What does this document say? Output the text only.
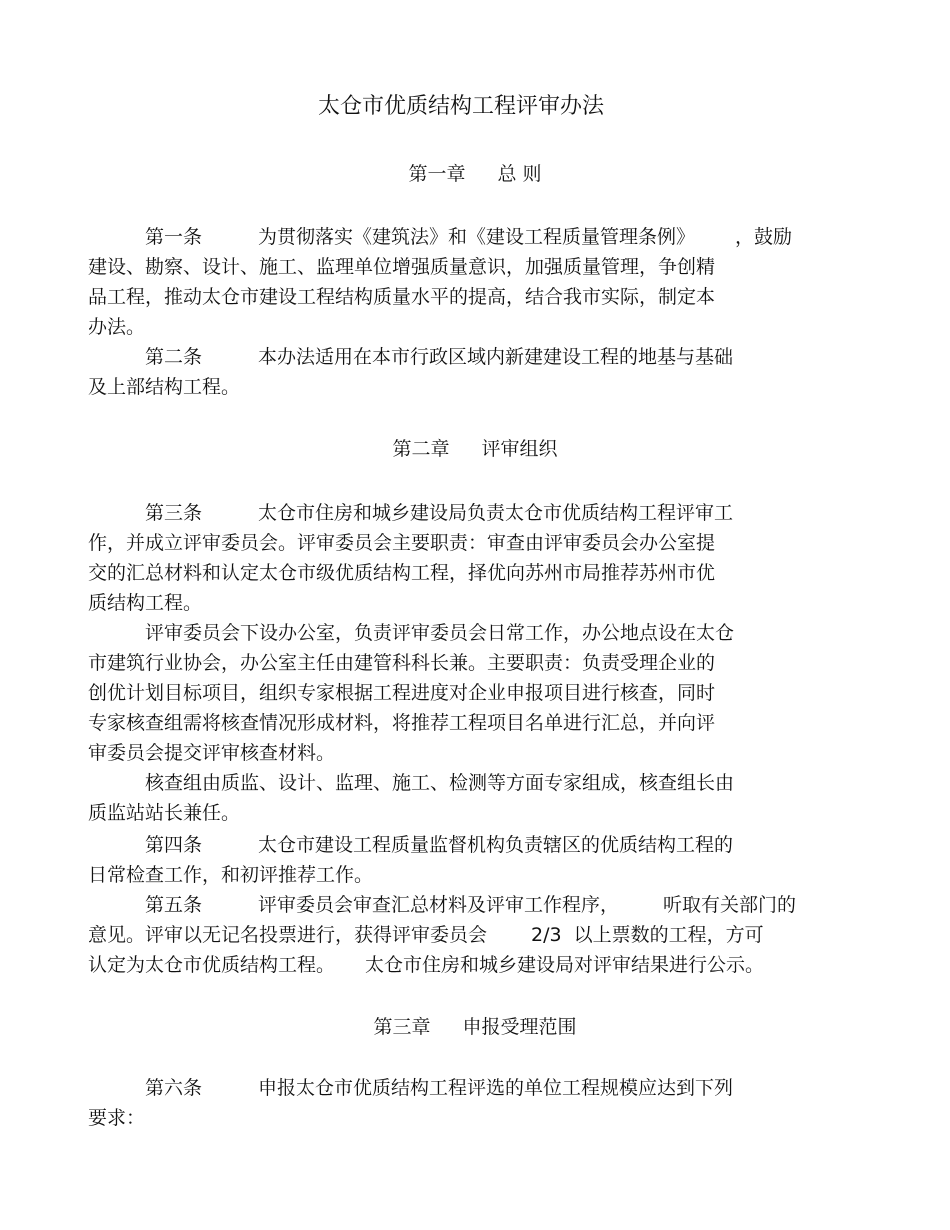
太仓市优质结构工程评审办法
第一章 总 则
第一条	为贯彻落实《建筑法》和《建设工程质量管理条例》 ，鼓励
建设、勘察、设计、施工、监理单位增强质量意识，加强质量管理，争创精
品工程，推动太仓市建设工程结构质量水平的提高，结合我市实际，制定本
办法。
第二条	本办法适用在本市行政区域内新建建设工程的地基与基础
及上部结构工程。
第二章 评审组织
第三条	太仓市住房和城乡建设局负责太仓市优质结构工程评审工
作，并成立评审委员会。评审委员会主要职责：审查由评审委员会办公室提
交的汇总材料和认定太仓市级优质结构工程，择优向苏州市局推荐苏州市优
质结构工程。
评审委员会下设办公室，负责评审委员会日常工作，办公地点设在太仓
市建筑行业协会，办公室主任由建管科科长兼。主要职责：负责受理企业的
创优计划目标项目，组织专家根据工程进度对企业申报项目进行核查，同时
专家核查组需将核查情况形成材料，将推荐工程项目名单进行汇总，并向评
审委员会提交评审核查材料。
核查组由质监、设计、监理、施工、检测等方面专家组成，核查组长由
质监站站长兼任。
第四条	太仓市建设工程质量监督机构负责辖区的优质结构工程的
日常检查工作，和初评推荐工作。
第五条	评审委员会审查汇总材料及评审工作程序， 听取有关部门的
意见。评审以无记名投票进行，获得评审委员会 2/3 以上票数的工程，方可
认定为太仓市优质结构工程。 太仓市住房和城乡建设局对评审结果进行公示。
第三章 申报受理范围
第六条	申报太仓市优质结构工程评选的单位工程规模应达到下列
要求：
